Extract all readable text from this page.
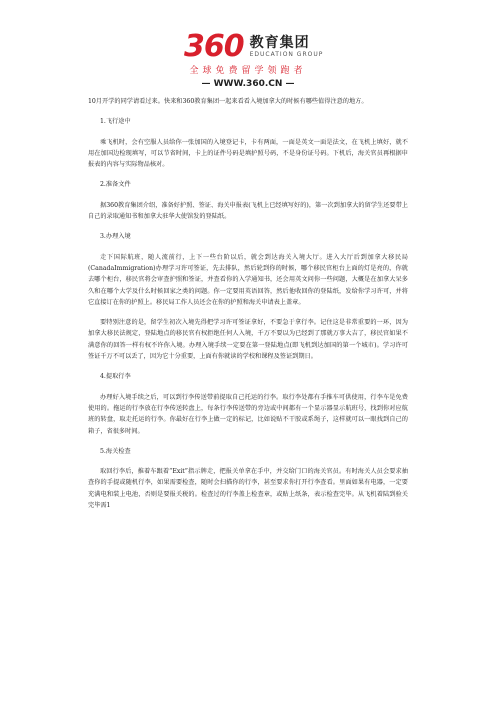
360 教育集团
EDUCATION GROUP
全球免费留学领跑者
— WWW.360.CN —

10月开学的同学请看过来。快来和360教育集团一起来看看入境加拿大的时候有哪些值得注意的地方。

1.飞行途中

乘飞机时，会有空服人员给你一张加国的入境登记卡，卡有两面，一面是英文一面是法文，在飞机上填好，就不用在加国边检现填写，可以节省时间，卡上的证件号码是填护照号码，不是身份证号码。下机后，海关官员再根据申报表的内容与实际物品核对。

2.准备文件

据360教育集团介绍，准备好护照、签证、海关申报表(飞机上已经填写好的)，第一次到加拿大的留学生还要带上自己的录取通知书和加拿大驻华大使馆发的登陆纸。

3.办理入境

走下国际航班，随人流前行，上下一些台阶以后，就会到达海关入境大厅。进入大厅后到加拿大移民局(CanadaImmigration)办理学习许可签证，先去排队，然后轮到你的时候，哪个移民官柜台上面的灯是亮的，你就去哪个柜台，移民官将会审查护照和签证，并查看你的入学通知书，还会用英文问你一些问题，大概是在加拿大呆多久和在哪个大学及什么时候回家之类的问题。你一定要用英语回答，然后他收回你的登陆纸，发给你学习许可，并将它直接订在你的护照上。移民局工作人员还会在你的护照和海关申请表上盖章。

要特别注意的是，留学生初次入境先得把学习许可签证拿好，不要急于拿行李。记住这是非常重要的一环，因为加拿大移民法规定，登陆地点的移民官有权拒绝任何人入境，千万不要以为已经到了那就万事大吉了，移民官如果不满意你的回答一样有权不许你入境。办理入境手续一定要在第一登陆地点(即飞机到达加国的第一个城市)。学习许可签证千万不可以丢了，因为它十分重要，上面有你就读的学校和课程及签证到期日。

4.提取行李

办理好入境手续之后，可以到行李传送带前提取自己托运的行李。取行李处都有手推车可供使用，行李车是免费使用的。拖运的行李放在行李传送转盘上，每条行李传送带的旁边或中间都有一个显示器显示航班号，找到你对应航班的转盘，取走托运的行李。你最好在行李上做一定的标记，比如说贴不干胶或系绳子，这样就可以一眼找到自己的箱子，省很多时间。

5.海关检查

取回行李后，推着车跟着“Exit”指示牌走，把报关单拿在手中，并交给门口的海关官员。有时海关人员会要求抽查你的手提或随机行李，如果需要检查，随时会扫描你的行李，甚至要求你打开行李查看。里面如果有电器，一定要充满电和装上电池，否则是要报关税的。检查过的行李盖上检查章，或贴上纸条，表示检查完毕。从飞机着陆到验关完毕需1
